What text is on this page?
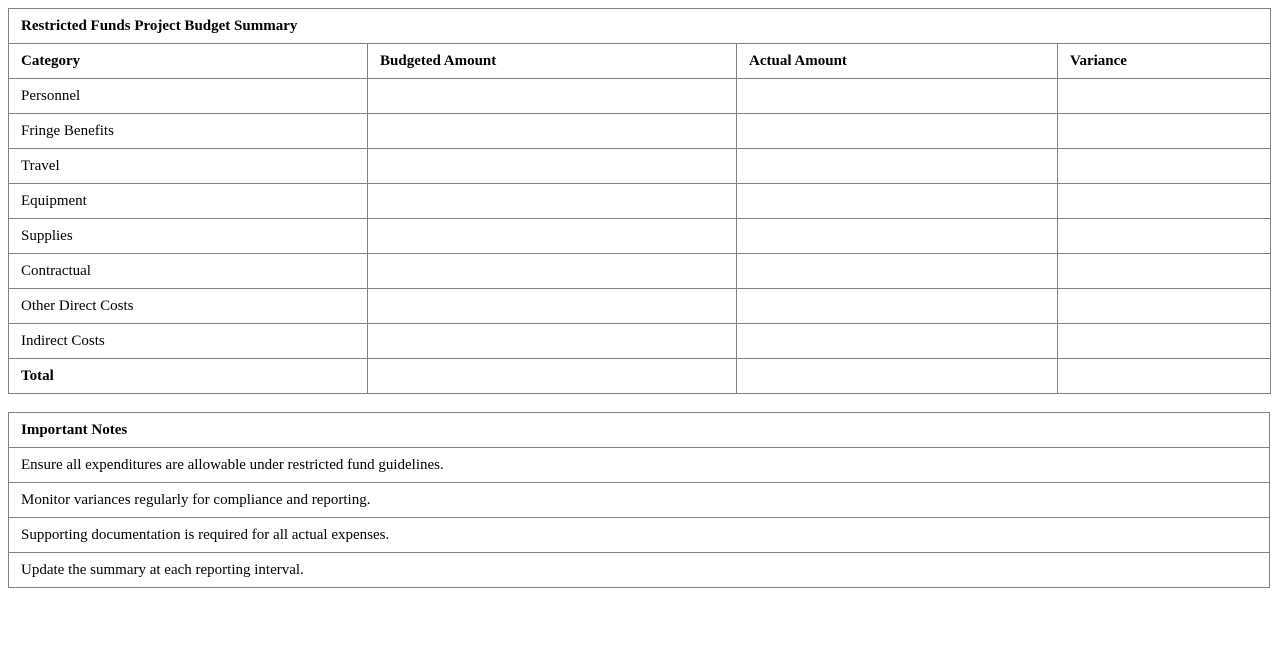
Restricted Funds Project Budget Summary			
Category	Budgeted Amount	Actual Amount	Variance
Personnel			
Fringe Benefits			
Travel			
Equipment			
Supplies			
Contractual			
Other Direct Costs			
Indirect Costs			
Total			
Important Notes
Ensure all expenditures are allowable under restricted fund guidelines.
Monitor variances regularly for compliance and reporting.
Supporting documentation is required for all actual expenses.
Update the summary at each reporting interval.
